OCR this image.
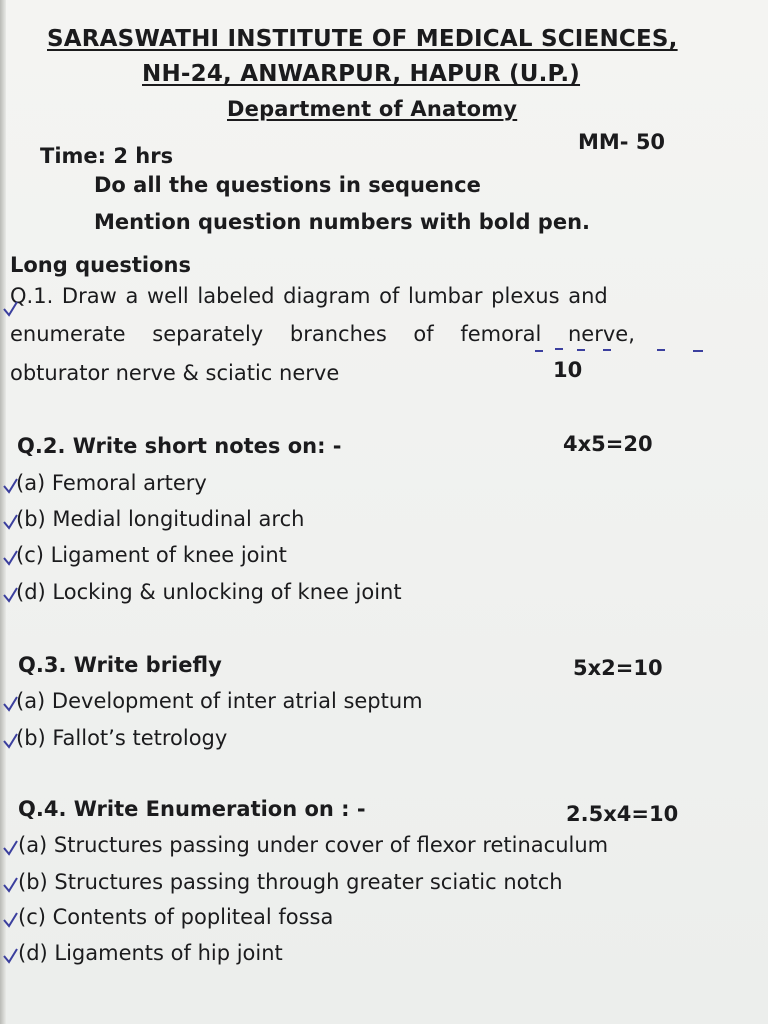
SARASWATHI INSTITUTE OF MEDICAL SCIENCES,
NH-24, ANWARPUR, HAPUR (U.P.)
Department of Anatomy
Time: 2 hrs
MM- 50
Do all the questions in sequence
Mention question numbers with bold pen.
Long questions
Q.1. Draw a well labeled diagram of lumbar plexus and
enumerate separately branches of femoral nerve,
obturator nerve & sciatic nerve	10
Q.2. Write short notes on: -	4x5=20
(a) Femoral artery
(b) Medial longitudinal arch
(c) Ligament of knee joint
(d) Locking & unlocking of knee joint
Q.3. Write briefly	5x2=10
(a) Development of inter atrial septum
(b) Fallot’s tetrology
Q.4. Write Enumeration on : -	2.5x4=10
(a) Structures passing under cover of flexor retinaculum
(b) Structures passing through greater sciatic notch
(c) Contents of popliteal fossa
(d) Ligaments of hip joint
